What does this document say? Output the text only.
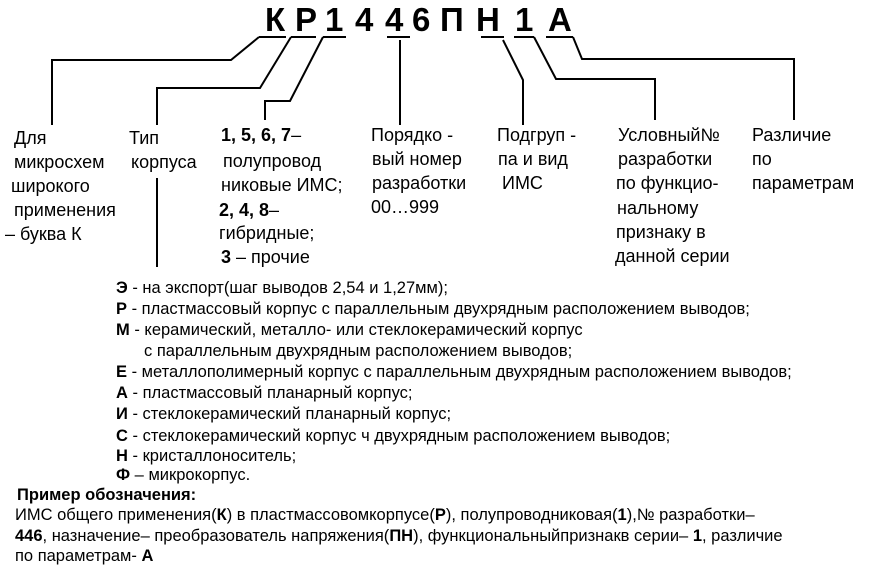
К Р 1 4 4 6 П Н 1 А
Для
микросхем
широкого
применения
– буква К
Тип
корпуса
1, 5, 6, 7–
полупровод
никовые ИМС;
2, 4, 8–
гибридные;
3 – прочие
Порядко -
вый номер
разработки
00…999
Подгруп -
па и вид
ИМС
Условный№
разработки
по функцио-
нальному
признаку в
данной серии
Различие
по
параметрам
Э - на экспорт(шаг выводов 2,54 и 1,27мм);
Р - пластмассовый корпус с параллельным двухрядным расположением выводов;
М - керамический, металло- или стеклокерамический корпус
с параллельным двухрядным расположением выводов;
Е - металлополимерный корпус с параллельным двухрядным расположением выводов;
А - пластмассовый планарный корпус;
И - стеклокерамический планарный корпус;
С - стеклокерамический корпус ч двухрядным расположением выводов;
Н - кристаллоноситель;
Ф – микрокорпус.
Пример обозначения:
ИМС общего применения(К) в пластмассовомкорпусе(Р), полупроводниковая(1),№ разработки–
446, назначение– преобразователь напряжения(ПН), функциональныйпризнакв серии– 1, различие
по параметрам- А
